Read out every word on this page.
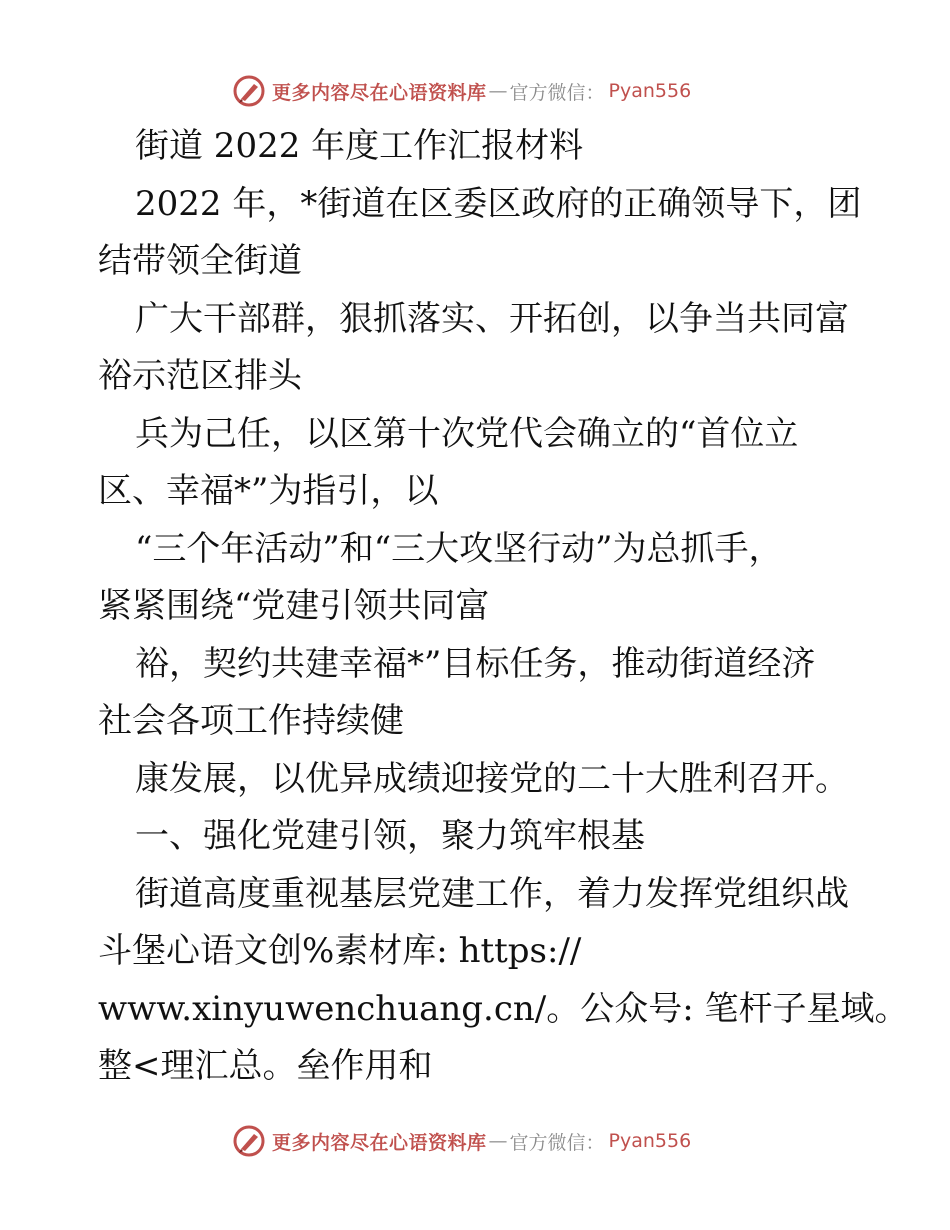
更多内容尽在心语资料库 — 官方微信： Pyan556
街道 2022 年度工作汇报材料
2022 年，*街道在区委区政府的正确领导下，团
结带领全街道
广大干部群，狠抓落实、开拓创，以争当共同富
裕示范区排头
兵为己任，以区第十次党代会确立的“首位立
区、幸福*”为指引，以
“三个年活动”和“三大攻坚行动”为总抓手，
紧紧围绕“党建引领共同富
裕，契约共建幸福*”目标任务，推动街道经济
社会各项工作持续健
康发展，以优异成绩迎接党的二十大胜利召开。
一、强化党建引领，聚力筑牢根基
街道高度重视基层党建工作，着力发挥党组织战
斗堡心语文创%素材库: https://
www.xinyuwenchuang.cn/。公众号: 笔杆子星域。
整<理汇总。垒作用和
更多内容尽在心语资料库 — 官方微信： Pyan556
